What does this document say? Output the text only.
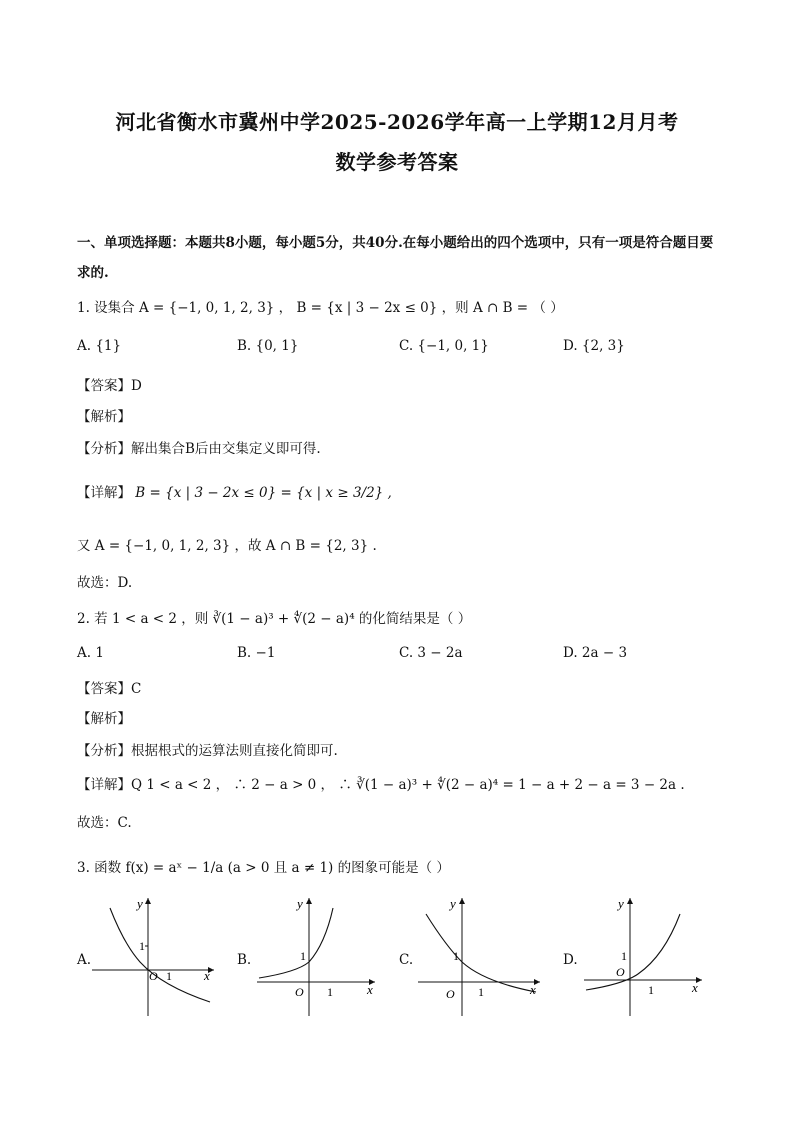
河北省衡水市冀州中学2025-2026学年高一上学期12月月考
数学参考答案
一、单项选择题：本题共8小题，每小题5分，共40分.在每小题给出的四个选项中，只有一项是符合题目要求的.
1. 设集合 A = {−1, 0, 1, 2, 3} ， B = {x | 3 − 2x ≤ 0} ，则 A ∩ B = （ ）
A. {1}	B. {0, 1}	C. {−1, 0, 1}	D. {2, 3}
【答案】D
【解析】
【分析】解出集合B后由交集定义即可得.
【详解】 B = {x | 3 − 2x ≤ 0} = {x | x ≥ 3/2} ,
又 A = {−1, 0, 1, 2, 3} ，故 A ∩ B = {2, 3} .
故选：D.
2. 若 1 < a < 2 ，则 ∛(1 − a)³ + ∜(2 − a)⁴ 的化简结果是（ ）
A. 1	B. −1	C. 3 − 2a	D. 2a − 3
【答案】C
【解析】
【分析】根据根式的运算法则直接化简即可.
【详解】Q 1 < a < 2 ， ∴ 2 − a > 0 ， ∴ ∛(1 − a)³ + ∜(2 − a)⁴ = 1 − a + 2 − a = 3 − 2a .
故选：C.
3. 函数 f(x) = aˣ − 1/a (a > 0 且 a ≠ 1) 的图象可能是（ ）
A.	B.	C.	D.
y
x
O
1
1
y
x
O
1
1
y
x
O
1
1
y
x
O
1
1
